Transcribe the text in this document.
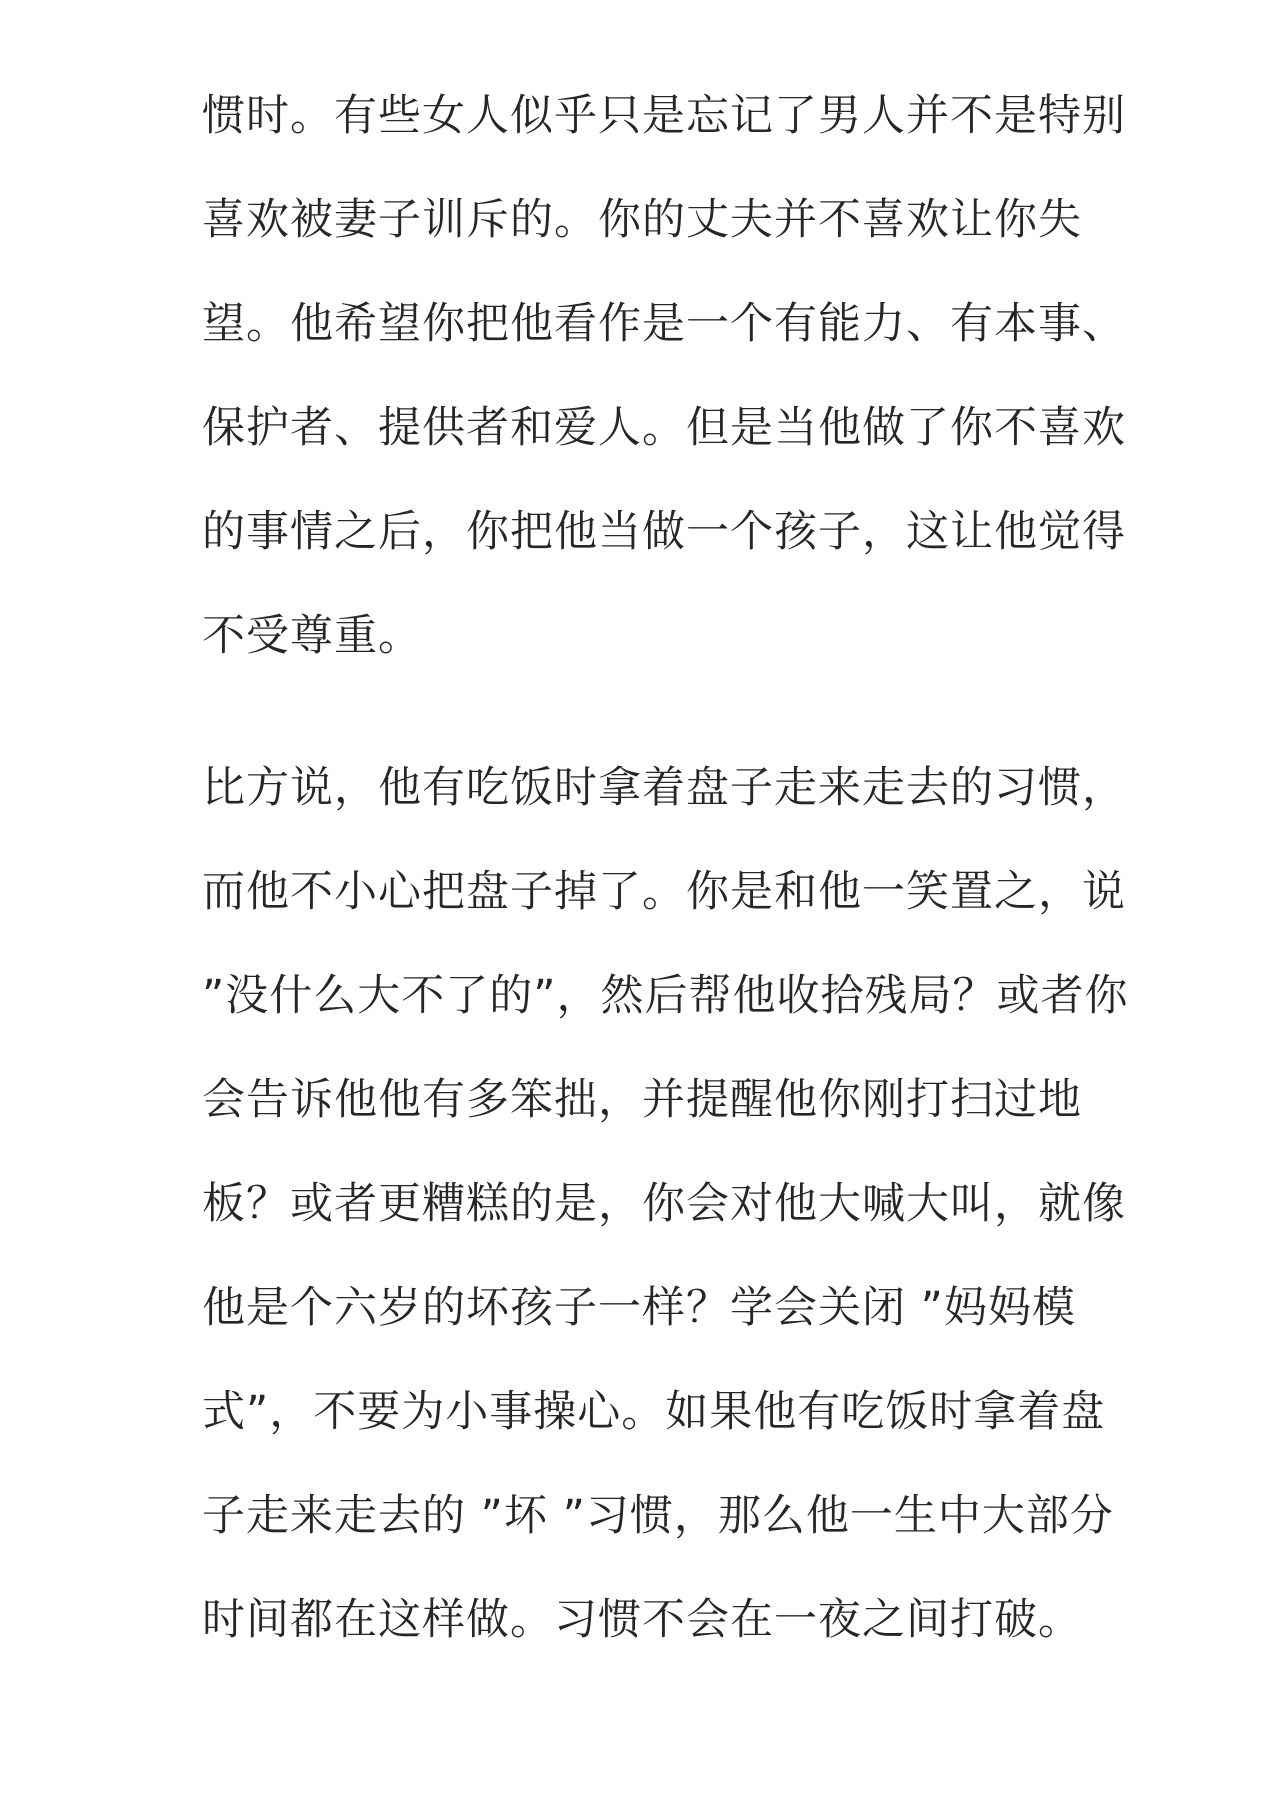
惯时。有些女人似乎只是忘记了男人并不是特别
喜欢被妻子训斥的。你的丈夫并不喜欢让你失
望。他希望你把他看作是一个有能力、有本事、
保护者、提供者和爱人。但是当他做了你不喜欢
的事情之后，你把他当做一个孩子，这让他觉得
不受尊重。
比方说，他有吃饭时拿着盘子走来走去的习惯，
而他不小心把盘子掉了。你是和他一笑置之，说
”没什么大不了的”，然后帮他收拾残局？或者你
会告诉他他有多笨拙，并提醒他你刚打扫过地
板？或者更糟糕的是，你会对他大喊大叫，就像
他是个六岁的坏孩子一样？学会关闭 ”妈妈模
式”，不要为小事操心。如果他有吃饭时拿着盘
子走来走去的 ”坏 ”习惯，那么他一生中大部分
时间都在这样做。习惯不会在一夜之间打破。
